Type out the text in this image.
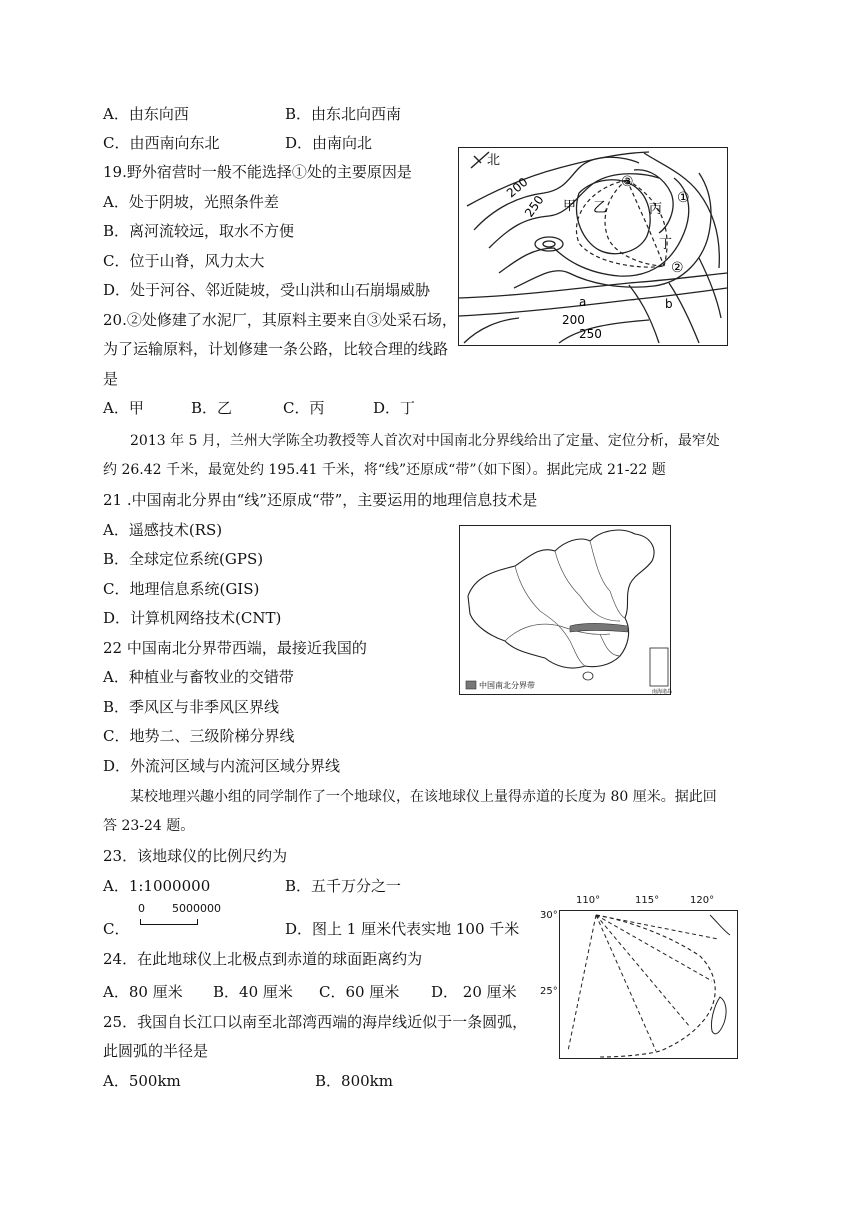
A．由东向西	B．由东北向西南
C．由西南向东北	D．由南向北
19.野外宿营时一般不能选择①处的主要原因是
A．处于阴坡，光照条件差
B．离河流较远，取水不方便
C．位于山脊，风力太大
D．处于河谷、邻近陡坡，受山洪和山石崩塌威胁
20.②处修建了水泥厂，其原料主要来自③处采石场，
为了运输原料，计划修建一条公路，比较合理的线路
是
A．甲	B．乙	C．丙	D．丁
2013 年 5 月，兰州大学陈全功教授等人首次对中国南北分界线给出了定量、定位分析，最窄处
约 26.42 千米，最宽处约 195.41 千米，将“线”还原成“带”（如下图）。据此完成 21-22 题
21 .中国南北分界由“线”还原成“带”，主要运用的地理信息技术是
A．遥感技术(RS)
B．全球定位系统(GPS)
C．地理信息系统(GIS)
D．计算机网络技术(CNT)
22 中国南北分界带西端，最接近我国的
A．种植业与畜牧业的交错带
B．季风区与非季风区界线
C．地势二、三级阶梯分界线
D．外流河区域与内流河区域分界线
某校地理兴趣小组的同学制作了一个地球仪，在该地球仪上量得赤道的长度为 80 厘米。据此回
答 23-24 题。
23．该地球仪的比例尺约为
A．1:1000000	B．五千万分之一
C．	D．图上 1 厘米代表实地 100 千米
0 5000000
24．在此地球仪上北极点到赤道的球面距离约为
A．80 厘米 B．40 厘米 C．60 厘米 D． 20 厘米
25．我国自长江口以南至北部湾西端的海岸线近似于一条圆弧，
此圆弧的半径是
A．500km	B．800km
北
200
250 甲 乙	丙
丁
③
①
②
a	b
200
250
南海诸岛
中国南北分界带
110°	115°	120°
30°
25°
